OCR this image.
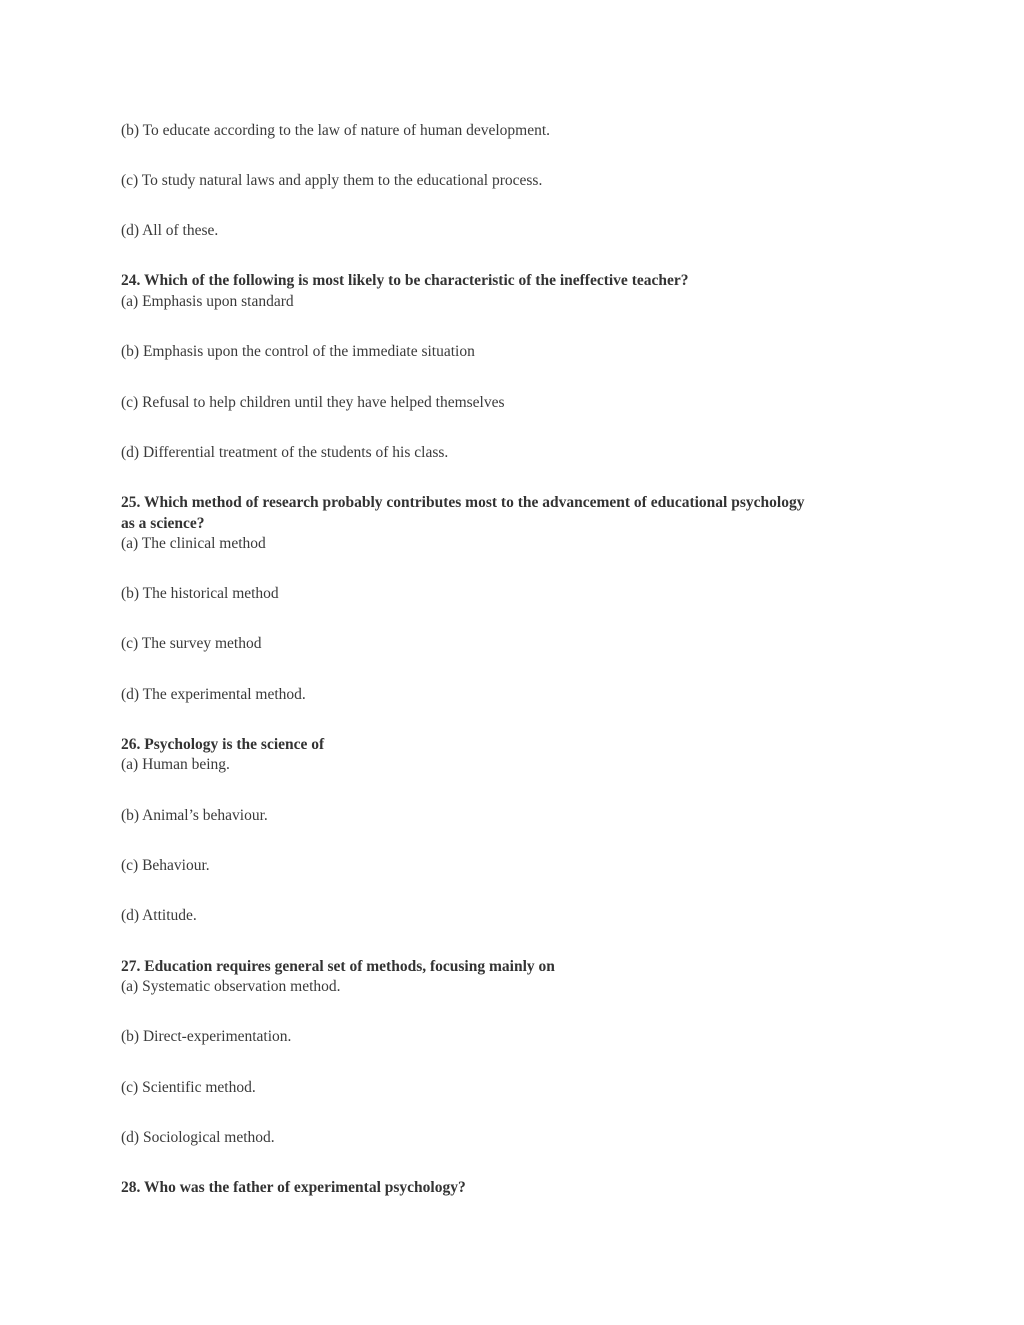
(b) To educate according to the law of nature of human development.
(c) To study natural laws and apply them to the educational process.
(d) All of these.
24. Which of the following is most likely to be characteristic of the ineffective teacher?
(a) Emphasis upon standard
(b) Emphasis upon the control of the immediate situation
(c) Refusal to help children until they have helped themselves
(d) Differential treatment of the students of his class.
25. Which method of research probably contributes most to the advancement of educational psychology
as a science?
(a) The clinical method
(b) The historical method
(c) The survey method
(d) The experimental method.
26. Psychology is the science of
(a) Human being.
(b) Animal’s behaviour.
(c) Behaviour.
(d) Attitude.
27. Education requires general set of methods, focusing mainly on
(a) Systematic observation method.
(b) Direct-experimentation.
(c) Scientific method.
(d) Sociological method.
28. Who was the father of experimental psychology?
